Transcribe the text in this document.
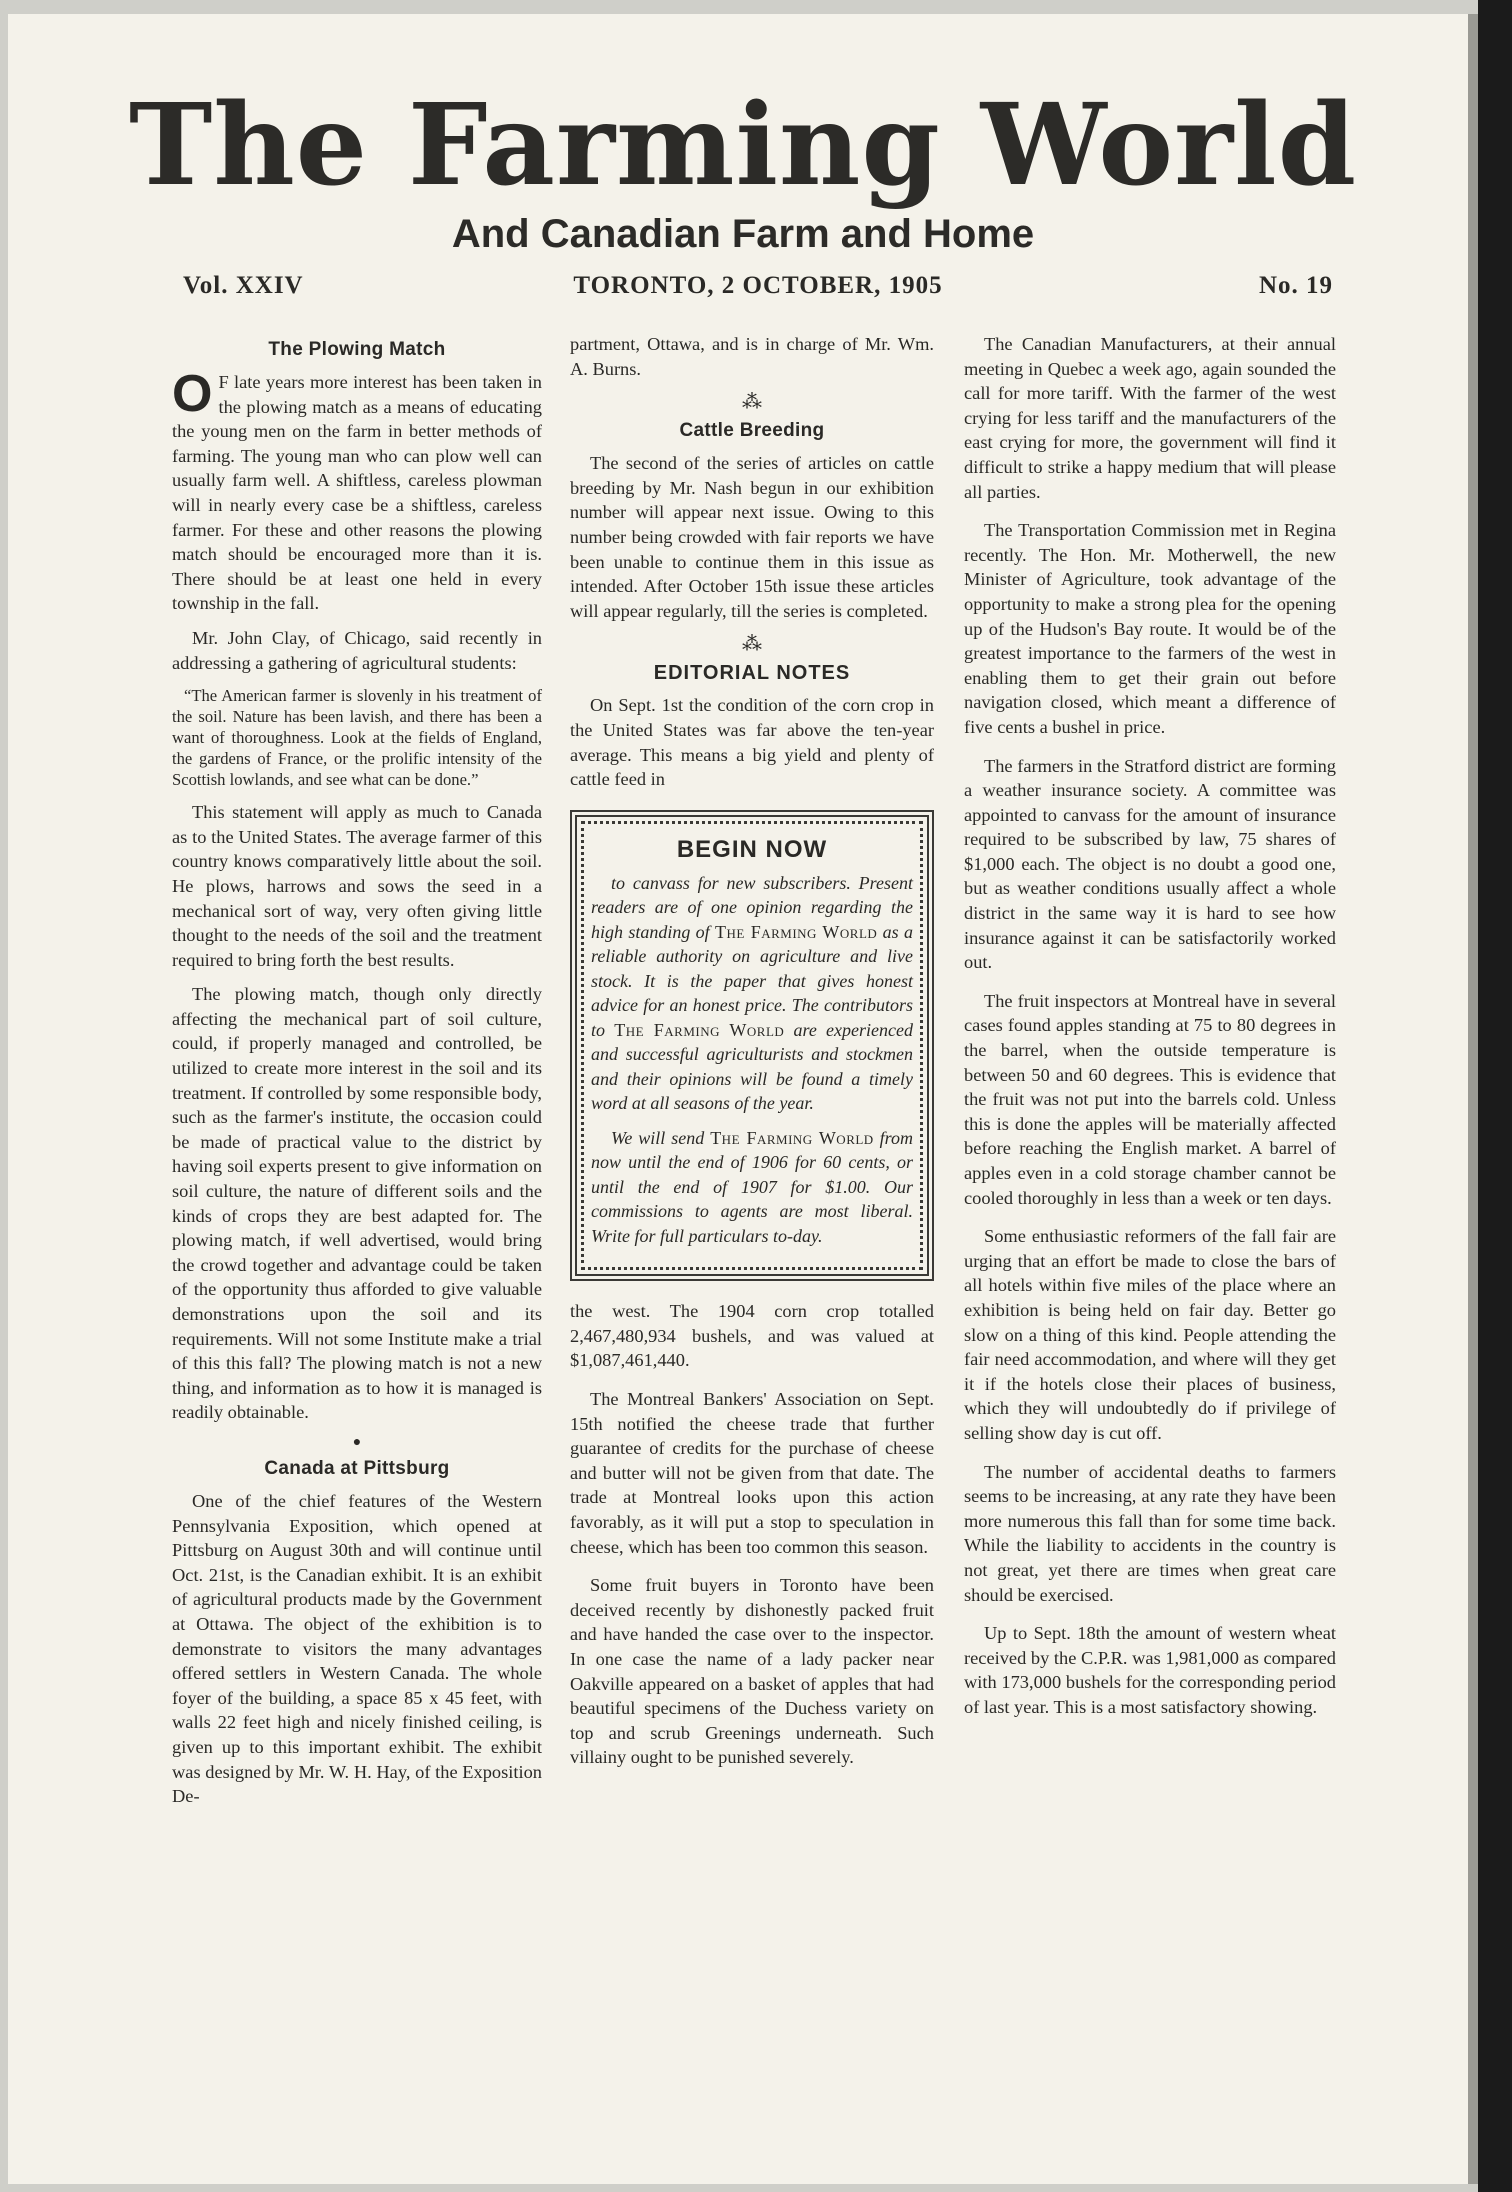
The Farming World
And Canadian Farm and Home
Vol. XXIV	TORONTO, 2 OCTOBER, 1905	No. 19
The Plowing Match

O F late years more interest has been taken in the plowing match as a means of educating the young men on the farm in better methods of farming. The young man who can plow well can usually farm well. A shiftless, careless plowman will in nearly every case be a shiftless, careless farmer. For these and other reasons the plowing match should be encouraged more than it is. There should be at least one held in every township in the fall.

Mr. John Clay, of Chicago, said recently in addressing a gathering of agricultural students:

“The American farmer is slovenly in his treatment of the soil. Nature has been lavish, and there has been a want of thoroughness. Look at the fields of England, the gardens of France, or the prolific intensity of the Scottish lowlands, and see what can be done.”

This statement will apply as much to Canada as to the United States. The average farmer of this country knows comparatively little about the soil. He plows, harrows and sows the seed in a mechanical sort of way, very often giving little thought to the needs of the soil and the treatment required to bring forth the best results.

The plowing match, though only directly affecting the mechanical part of soil culture, could, if properly managed and controlled, be utilized to create more interest in the soil and its treatment. If controlled by some responsible body, such as the farmer's institute, the occasion could be made of practical value to the district by having soil experts present to give information on soil culture, the nature of different soils and the kinds of crops they are best adapted for. The plowing match, if well advertised, would bring the crowd together and advantage could be taken of the opportunity thus afforded to give valuable demonstrations upon the soil and its requirements. Will not some Institute make a trial of this this fall? The plowing match is not a new thing, and information as to how it is managed is readily obtainable.

●
Canada at Pittsburg

One of the chief features of the Western Pennsylvania Exposition, which opened at Pittsburg on August 30th and will continue until Oct. 21st, is the Canadian exhibit. It is an exhibit of agricultural products made by the Government at Ottawa. The object of the exhibition is to demonstrate to visitors the many advantages offered settlers in Western Canada. The whole foyer of the building, a space 85 x 45 feet, with walls 22 feet high and nicely finished ceiling, is given up to this important exhibit. The exhibit was designed by Mr. W. H. Hay, of the Exposition De-

partment, Ottawa, and is in charge of Mr. Wm. A. Burns.

⁂
Cattle Breeding

The second of the series of articles on cattle breeding by Mr. Nash begun in our exhibition number will appear next issue. Owing to this number being crowded with fair reports we have been unable to continue them in this issue as intended. After October 15th issue these articles will appear regularly, till the series is completed.

⁂
EDITORIAL NOTES

On Sept. 1st the condition of the corn crop in the United States was far above the ten-year average. This means a big yield and plenty of cattle feed in

BEGIN NOW

to canvass for new subscribers. Present readers are of one opinion regarding the high standing of The Farming World as a reliable authority on agriculture and live stock. It is the paper that gives honest advice for an honest price. The contributors to The Farming World are experienced and successful agriculturists and stockmen and their opinions will be found a timely word at all seasons of the year.

We will send The Farming World from now until the end of 1906 for 60 cents, or until the end of 1907 for $1.00. Our commissions to agents are most liberal. Write for full particulars to-day.

the west. The 1904 corn crop totalled 2,467,480,934 bushels, and was valued at $1,087,461,440.

The Montreal Bankers' Association on Sept. 15th notified the cheese trade that further guarantee of credits for the purchase of cheese and butter will not be given from that date. The trade at Montreal looks upon this action favorably, as it will put a stop to speculation in cheese, which has been too common this season.

Some fruit buyers in Toronto have been deceived recently by dishonestly packed fruit and have handed the case over to the inspector. In one case the name of a lady packer near Oakville appeared on a basket of apples that had beautiful specimens of the Duchess variety on top and scrub Greenings underneath. Such villainy ought to be punished severely.

The Canadian Manufacturers, at their annual meeting in Quebec a week ago, again sounded the call for more tariff. With the farmer of the west crying for less tariff and the manufacturers of the east crying for more, the government will find it difficult to strike a happy medium that will please all parties.

The Transportation Commission met in Regina recently. The Hon. Mr. Motherwell, the new Minister of Agriculture, took advantage of the opportunity to make a strong plea for the opening up of the Hudson's Bay route. It would be of the greatest importance to the farmers of the west in enabling them to get their grain out before navigation closed, which meant a difference of five cents a bushel in price.

The farmers in the Stratford district are forming a weather insurance society. A committee was appointed to canvass for the amount of insurance required to be subscribed by law, 75 shares of $1,000 each. The object is no doubt a good one, but as weather conditions usually affect a whole district in the same way it is hard to see how insurance against it can be satisfactorily worked out.

The fruit inspectors at Montreal have in several cases found apples standing at 75 to 80 degrees in the barrel, when the outside temperature is between 50 and 60 degrees. This is evidence that the fruit was not put into the barrels cold. Unless this is done the apples will be materially affected before reaching the English market. A barrel of apples even in a cold storage chamber cannot be cooled thoroughly in less than a week or ten days.

Some enthusiastic reformers of the fall fair are urging that an effort be made to close the bars of all hotels within five miles of the place where an exhibition is being held on fair day. Better go slow on a thing of this kind. People attending the fair need accommodation, and where will they get it if the hotels close their places of business, which they will undoubtedly do if privilege of selling show day is cut off.

The number of accidental deaths to farmers seems to be increasing, at any rate they have been more numerous this fall than for some time back. While the liability to accidents in the country is not great, yet there are times when great care should be exercised.

Up to Sept. 18th the amount of western wheat received by the C.P.R. was 1,981,000 as compared with 173,000 bushels for the corresponding period of last year. This is a most satisfactory showing.
